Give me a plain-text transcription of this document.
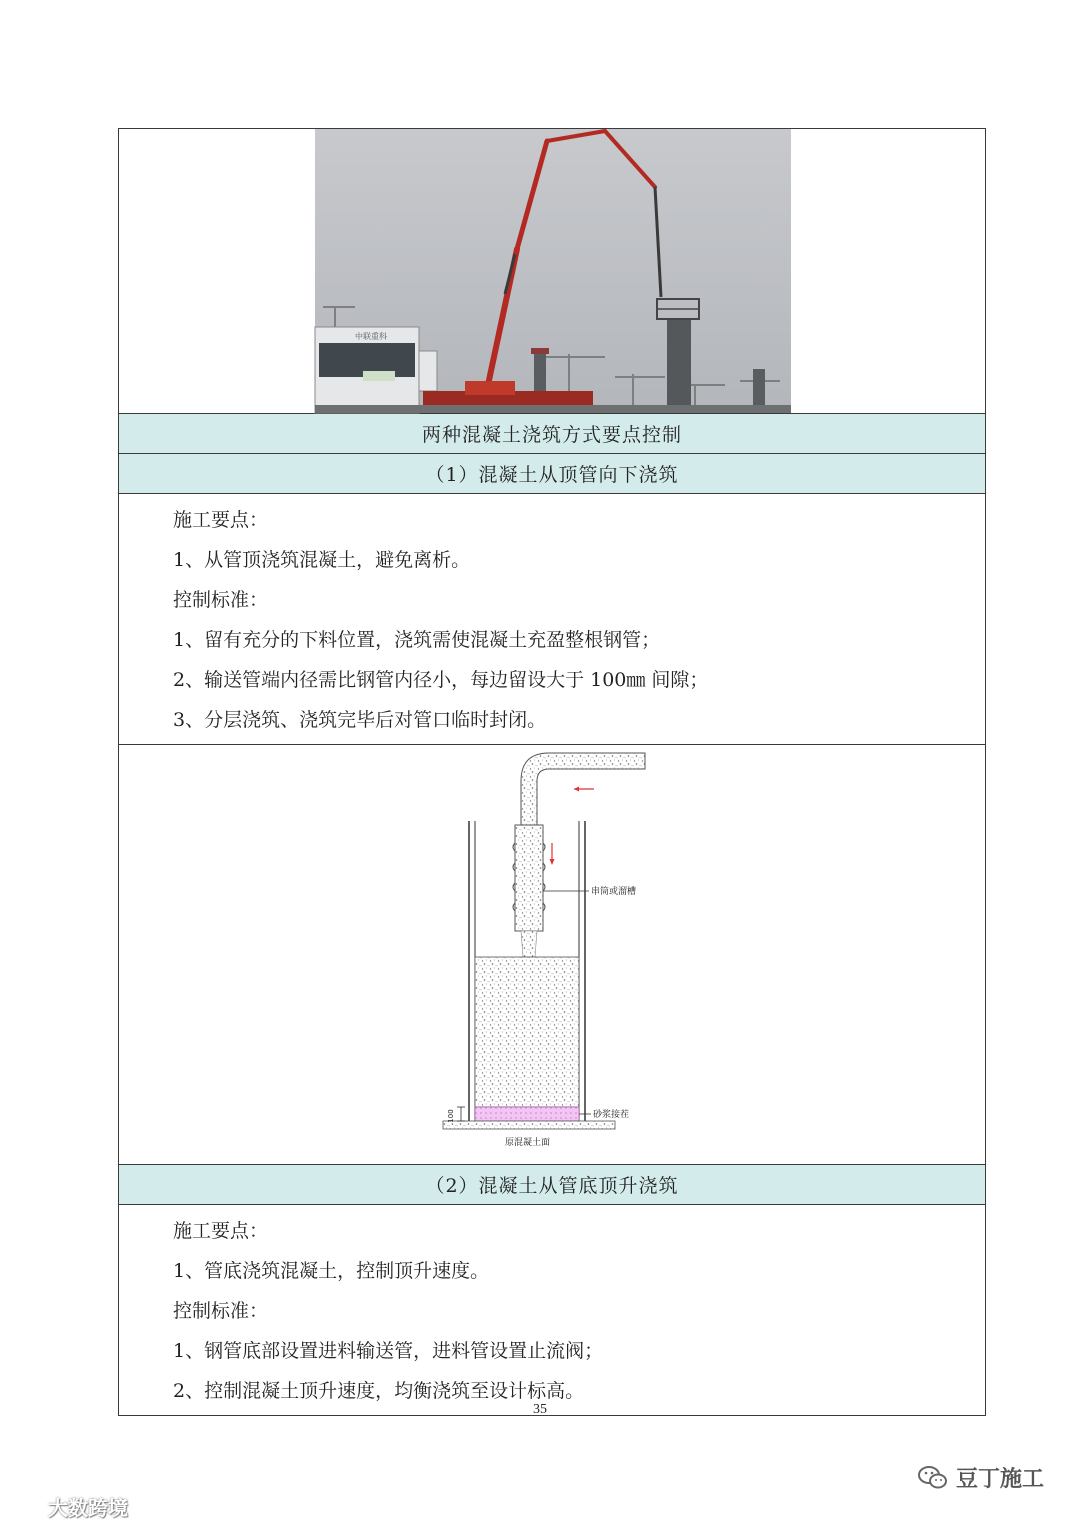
中联重科
两种混凝土浇筑方式要点控制
（1）混凝土从顶管向下浇筑
施工要点：
1、从管顶浇筑混凝土，避免离析。
控制标准：
1、留有充分的下料位置，浇筑需使混凝土充盈整根钢管；
2、输送管端内径需比钢管内径小，每边留设大于 100㎜ 间隙；
3、分层浇筑、浇筑完毕后对管口临时封闭。
串筒或溜槽
砂浆接茬
100
原混凝土面
（2）混凝土从管底顶升浇筑
施工要点：
1、管底浇筑混凝土，控制顶升速度。
控制标准：
1、钢管底部设置进料输送管，进料管设置止流阀；
2、控制混凝土顶升速度，均衡浇筑至设计标高。
35
豆丁施工
大数跨境
